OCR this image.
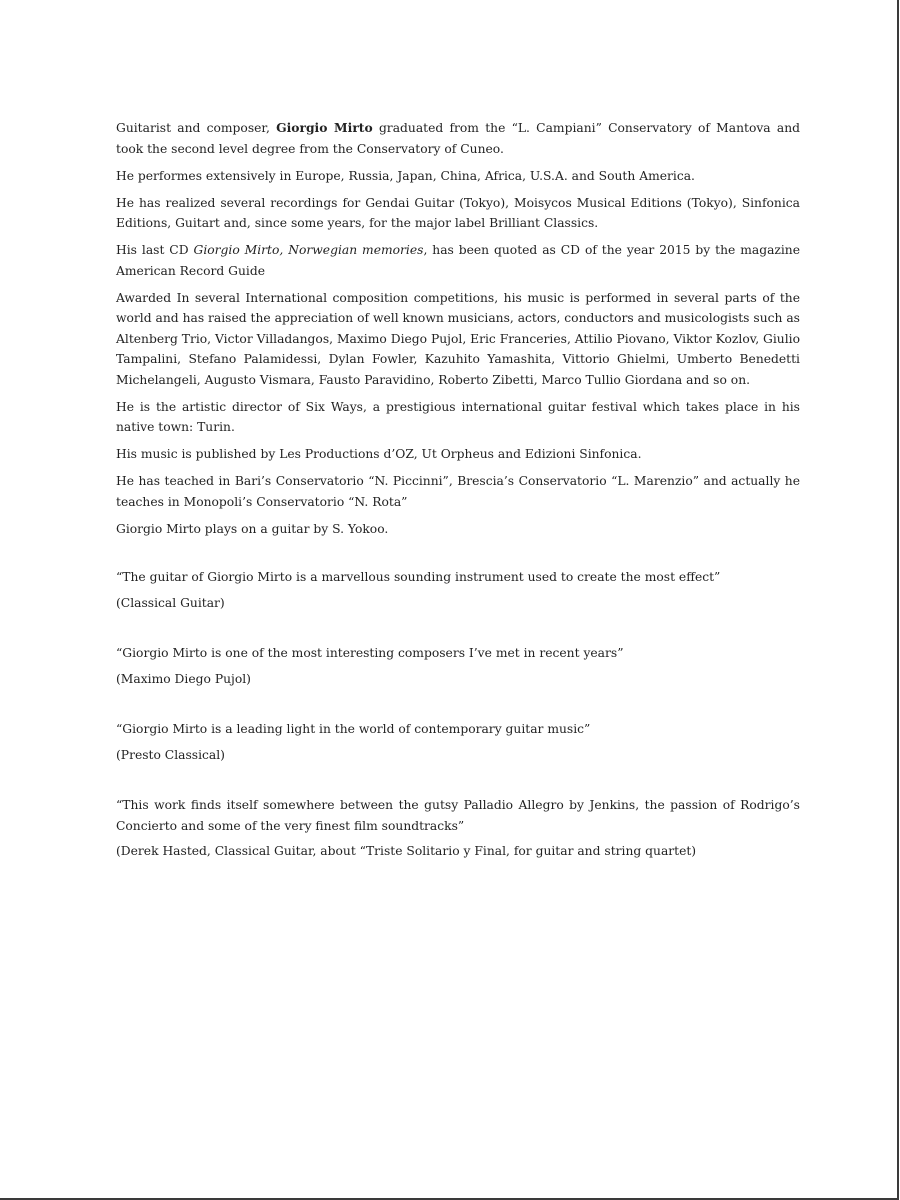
Guitarist and composer, Giorgio Mirto graduated from the “L. Campiani” Conservatory of Mantova and took the second level degree from the Conservatory of Cuneo.

He performes extensively in Europe, Russia, Japan, China, Africa, U.S.A. and South America.

He has realized several recordings for Gendai Guitar (Tokyo), Moisycos Musical Editions (Tokyo), Sinfonica Editions, Guitart and, since some years, for the major label Brilliant Classics.

His last CD Giorgio Mirto, Norwegian memories, has been quoted as CD of the year 2015 by the magazine American Record Guide

Awarded In several International composition competitions, his music is performed in several parts of the world and has raised the appreciation of well known musicians, actors, conductors and musicologists such as Altenberg Trio, Victor Villadangos, Maximo Diego Pujol, Eric Franceries, Attilio Piovano, Viktor Kozlov, Giulio Tampalini, Stefano Palamidessi, Dylan Fowler, Kazuhito Yamashita, Vittorio Ghielmi, Umberto Benedetti Michelangeli, Augusto Vismara, Fausto Paravidino, Roberto Zibetti, Marco Tullio Giordana and so on.

He is the artistic director of Six Ways, a prestigious international guitar festival which takes place in his native town: Turin.

His music is published by Les Productions d’OZ, Ut Orpheus and Edizioni Sinfonica.

He has teached in Bari’s Conservatorio “N. Piccinni”, Brescia’s Conservatorio “L. Marenzio” and actually he teaches in Monopoli’s Conservatorio “N. Rota”

Giorgio Mirto plays on a guitar by S. Yokoo.

“The guitar of Giorgio Mirto is a marvellous sounding instrument used to create the most effect”

(Classical Guitar)

“Giorgio Mirto is one of the most interesting composers I’ve met in recent years”

(Maximo Diego Pujol)

“Giorgio Mirto is a leading light in the world of contemporary guitar music”

(Presto Classical)

“This work finds itself somewhere between the gutsy Palladio Allegro by Jenkins, the passion of Rodrigo’s Concierto and some of the very finest film soundtracks”

(Derek Hasted, Classical Guitar, about “Triste Solitario y Final, for guitar and string quartet)
